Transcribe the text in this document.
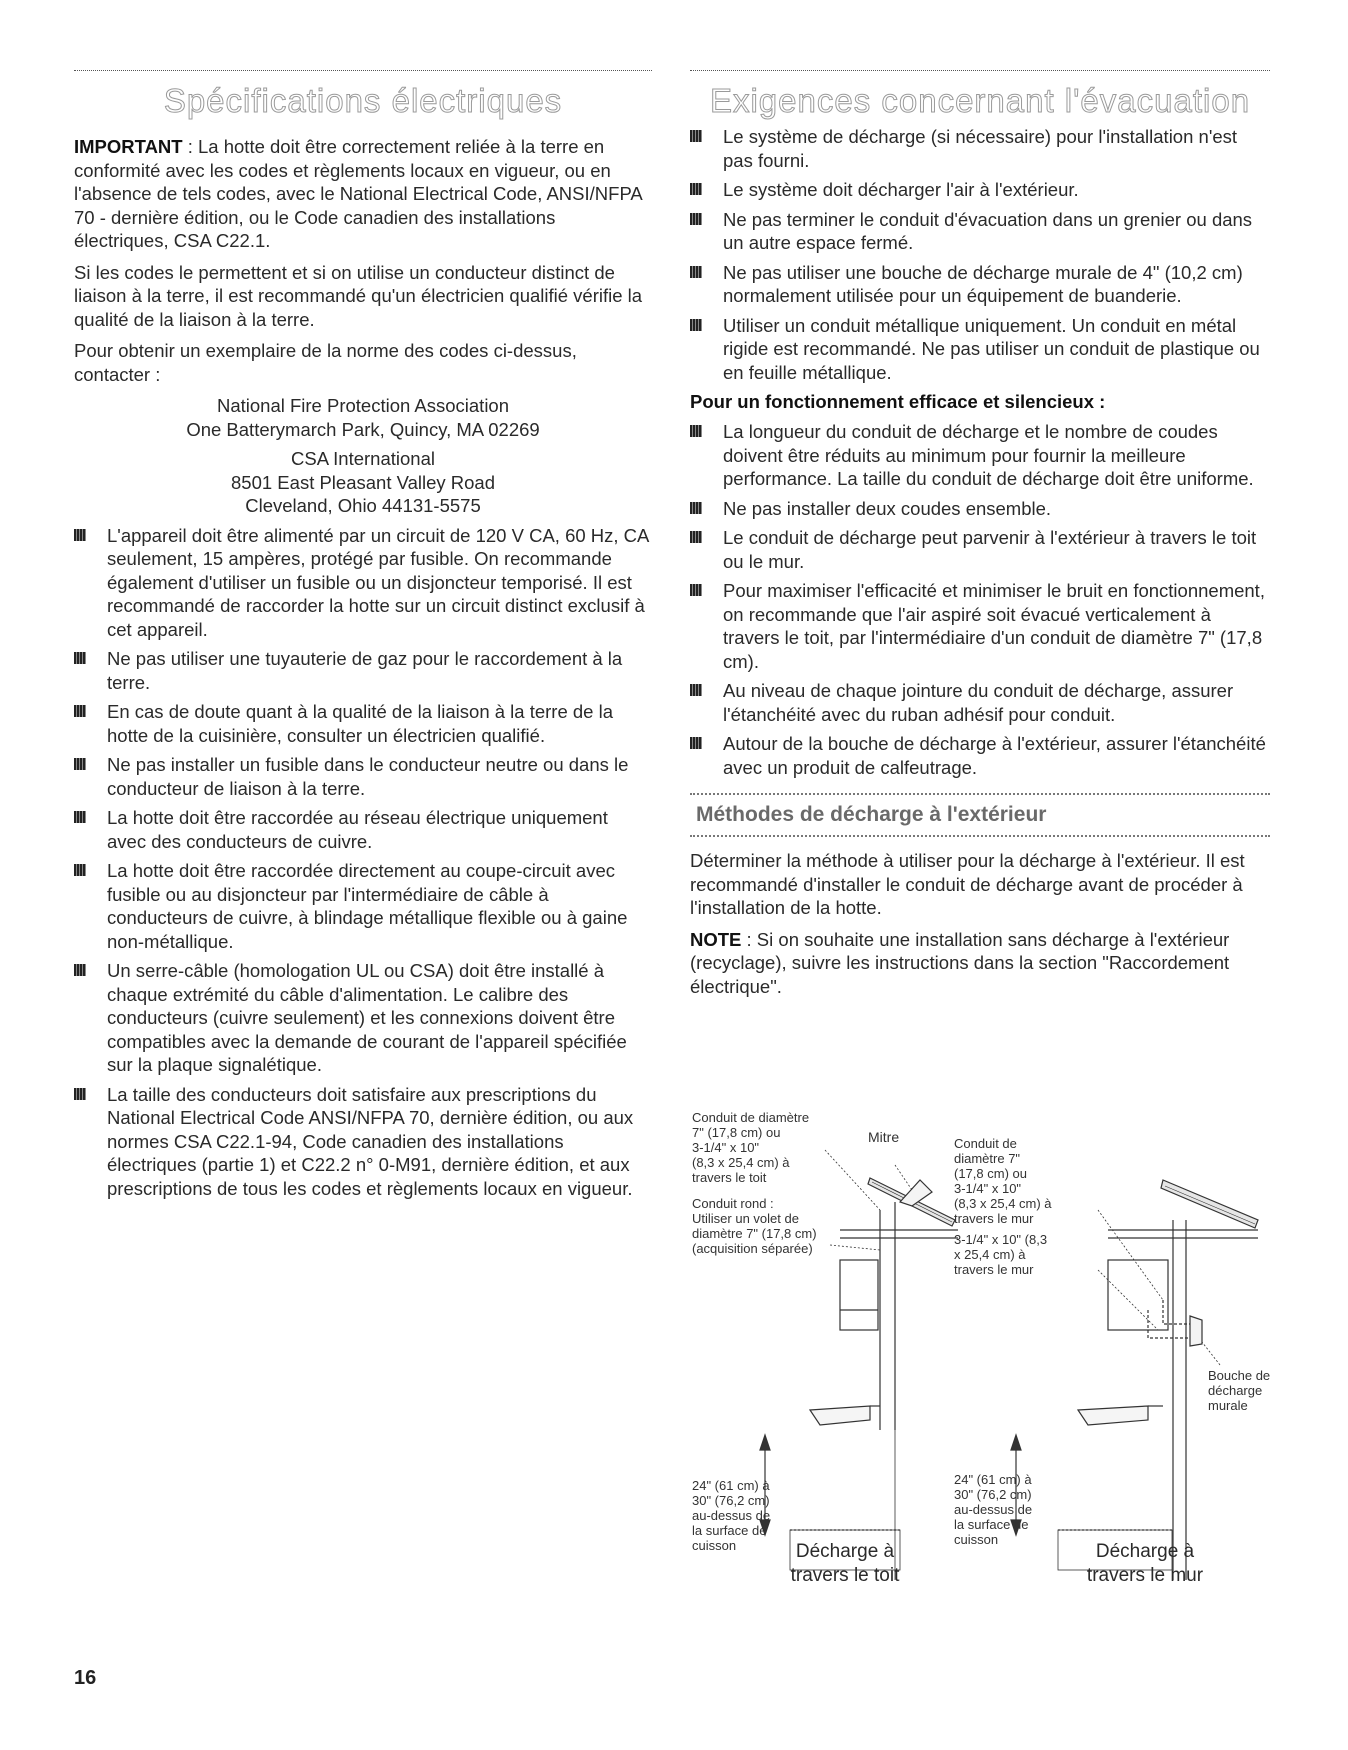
Spécifications électriques

IMPORTANT : La hotte doit être correctement reliée à la terre en conformité avec les codes et règlements locaux en vigueur, ou en l'absence de tels codes, avec le National Electrical Code, ANSI/NFPA 70 - dernière édition, ou le Code canadien des installations électriques, CSA C22.1.

Si les codes le permettent et si on utilise un conducteur distinct de liaison à la terre, il est recommandé qu'un électricien qualifié vérifie la qualité de la liaison à la terre.

Pour obtenir un exemplaire de la norme des codes ci-dessus, contacter :

National Fire Protection Association
One Batterymarch Park, Quincy, MA 02269
CSA International
8501 East Pleasant Valley Road
Cleveland, Ohio 44131-5575
L'appareil doit être alimenté par un circuit de 120 V CA, 60 Hz, CA seulement, 15 ampères, protégé par fusible. On recommande également d'utiliser un fusible ou un disjoncteur temporisé. Il est recommandé de raccorder la hotte sur un circuit distinct exclusif à cet appareil.
Ne pas utiliser une tuyauterie de gaz pour le raccordement à la terre.
En cas de doute quant à la qualité de la liaison à la terre de la hotte de la cuisinière, consulter un électricien qualifié.
Ne pas installer un fusible dans le conducteur neutre ou dans le conducteur de liaison à la terre.
La hotte doit être raccordée au réseau électrique uniquement avec des conducteurs de cuivre.
La hotte doit être raccordée directement au coupe-circuit avec fusible ou au disjoncteur par l'intermédiaire de câble à conducteurs de cuivre, à blindage métallique flexible ou à gaine non-métallique.
Un serre-câble (homologation UL ou CSA) doit être installé à chaque extrémité du câble d'alimentation. Le calibre des conducteurs (cuivre seulement) et les connexions doivent être compatibles avec la demande de courant de l'appareil spécifiée sur la plaque signalétique.
La taille des conducteurs doit satisfaire aux prescriptions du National Electrical Code ANSI/NFPA 70, dernière édition, ou aux normes CSA C22.1-94, Code canadien des installations électriques (partie 1) et C22.2 n° 0-M91, dernière édition, et aux prescriptions de tous les codes et règlements locaux en vigueur.
Exigences concernant l'évacuation
Le système de décharge (si nécessaire) pour l'installation n'est pas fourni.
Le système doit décharger l'air à l'extérieur.
Ne pas terminer le conduit d'évacuation dans un grenier ou dans un autre espace fermé.
Ne pas utiliser une bouche de décharge murale de 4" (10,2 cm) normalement utilisée pour un équipement de buanderie.
Utiliser un conduit métallique uniquement. Un conduit en métal rigide est recommandé. Ne pas utiliser un conduit de plastique ou en feuille métallique.
Pour un fonctionnement efficace et silencieux :
La longueur du conduit de décharge et le nombre de coudes doivent être réduits au minimum pour fournir la meilleure performance. La taille du conduit de décharge doit être uniforme.
Ne pas installer deux coudes ensemble.
Le conduit de décharge peut parvenir à l'extérieur à travers le toit ou le mur.
Pour maximiser l'efficacité et minimiser le bruit en fonctionnement, on recommande que l'air aspiré soit évacué verticalement à travers le toit, par l'intermédiaire d'un conduit de diamètre 7" (17,8 cm).
Au niveau de chaque jointure du conduit de décharge, assurer l'étanchéité avec du ruban adhésif pour conduit.
Autour de la bouche de décharge à l'extérieur, assurer l'étanchéité avec un produit de calfeutrage.
Méthodes de décharge à l'extérieur

Déterminer la méthode à utiliser pour la décharge à l'extérieur. Il est recommandé d'installer le conduit de décharge avant de procéder à l'installation de la hotte.

NOTE : Si on souhaite une installation sans décharge à l'extérieur (recyclage), suivre les instructions dans la section "Raccordement électrique".

Conduit de diamètre
7" (17,8 cm) ou
3-1/4" x 10"
(8,3 x 25,4 cm) à
travers le toit
Mitre
Conduit rond :
Utiliser un volet de
diamètre 7" (17,8 cm)
(acquisition séparée)
24" (61 cm) à
30" (76,2 cm)
au-dessus de
la surface de
cuisson	Décharge à
travers le toit
Conduit de
diamètre 7"
(17,8 cm) ou
3-1/4" x 10"
(8,3 x 25,4 cm) à
travers le mur
3-1/4" x 10" (8,3
x 25,4 cm) à
travers le mur
Bouche de
décharge
murale
24" (61 cm) à
30" (76,2 cm)
au-dessus de
la surface de
cuisson
Décharge à
travers le mur
16
